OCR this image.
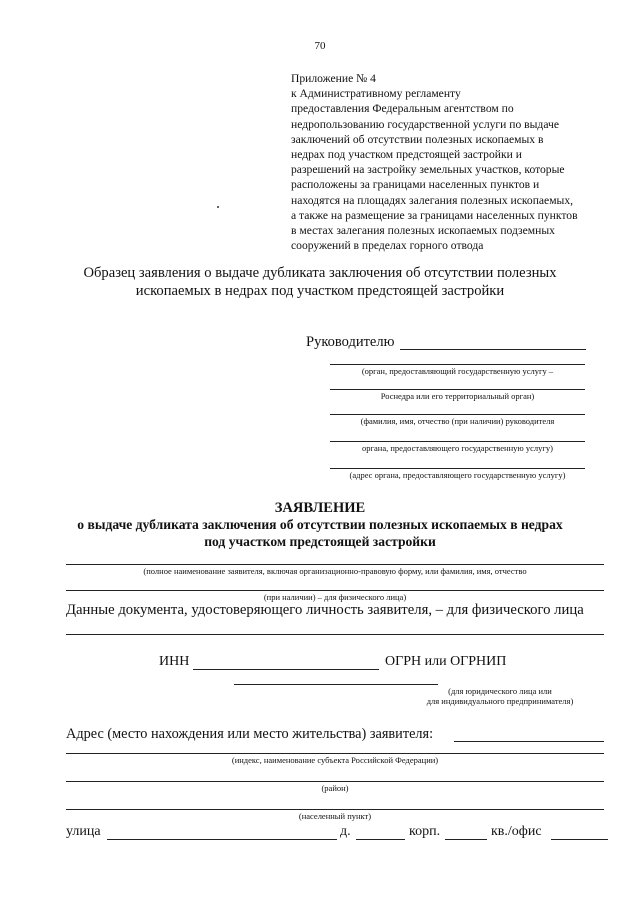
70
Приложение № 4
к Административному регламенту
предоставления Федеральным агентством по
недропользованию государственной услуги по выдаче
заключений об отсутствии полезных ископаемых в
недрах под участком предстоящей застройки и
разрешений на застройку земельных участков, которые
расположены за границами населенных пунктов и
находятся на площадях залегания полезных ископаемых,
а также на размещение за границами населенных пунктов
в местах залегания полезных ископаемых подземных
сооружений в пределах горного отвода
Образец заявления о выдаче дубликата заключения об отсутствии полезных
ископаемых в недрах под участком предстоящей застройки
Руководителю
(орган, предоставляющий государственную услугу –
Роснедра или его территориальный орган)
(фамилия, имя, отчество (при наличии) руководителя
органа, предоставляющего государственную услугу)
(адрес органа, предоставляющего государственную услугу)
ЗАЯВЛЕНИЕ
о выдаче дубликата заключения об отсутствии полезных ископаемых в недрах
под участком предстоящей застройки
(полное наименование заявителя, включая организационно-правовую форму, или фамилия, имя, отчество
(при наличии) – для физического лица)
Данные документа, удостоверяющего личность заявителя, – для физического лица
ИНН	ОГРН или ОГРНИП
(для юридического лица или
для индивидуального предпринимателя)
Адрес (место нахождения или место жительства) заявителя:
(индекс, наименование субъекта Российской Федерации)
(район)
(населенный пункт)
улица	д.	корп.	кв./офис
